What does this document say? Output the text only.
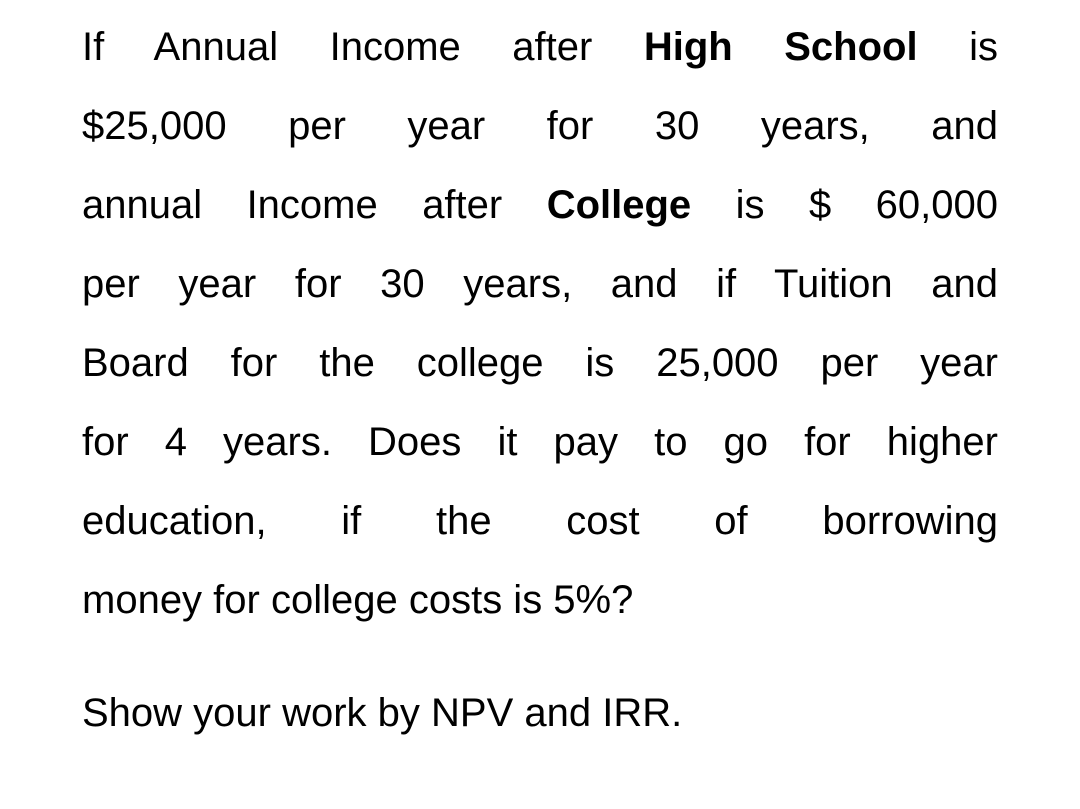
If Annual Income after High School is
$25,000 per year for 30 years, and
annual Income after College is $ 60,000
per year for 30 years, and if Tuition and
Board for the college is 25,000 per year
for 4 years. Does it pay to go for higher
education, if the cost of borrowing
money for college costs is 5%?

Show your work by NPV and IRR.
